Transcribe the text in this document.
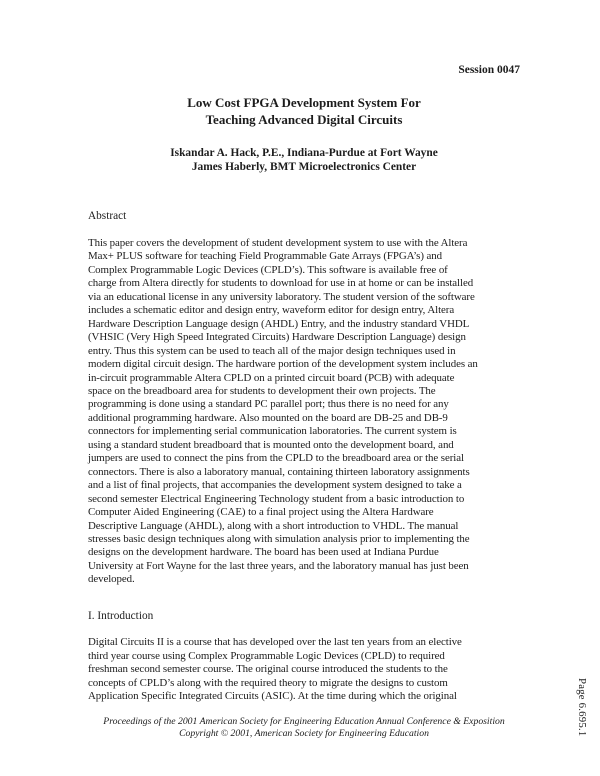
Session 0047
Low Cost FPGA Development System For
Teaching Advanced Digital Circuits
Iskandar A. Hack, P.E., Indiana-Purdue at Fort Wayne
James Haberly, BMT Microelectronics Center
Abstract
This paper covers the development of student development system to use with the Altera
Max+ PLUS software for teaching Field Programmable Gate Arrays (FPGA’s) and
Complex Programmable Logic Devices (CPLD’s). This software is available free of
charge from Altera directly for students to download for use in at home or can be installed
via an educational license in any university laboratory. The student version of the software
includes a schematic editor and design entry, waveform editor for design entry, Altera
Hardware Description Language design (AHDL) Entry, and the industry standard VHDL
(VHSIC (Very High Speed Integrated Circuits) Hardware Description Language) design
entry. Thus this system can be used to teach all of the major design techniques used in
modern digital circuit design. The hardware portion of the development system includes an
in-circuit programmable Altera CPLD on a printed circuit board (PCB) with adequate
space on the breadboard area for students to development their own projects. The
programming is done using a standard PC parallel port; thus there is no need for any
additional programming hardware. Also mounted on the board are DB-25 and DB-9
connectors for implementing serial communication laboratories. The current system is
using a standard student breadboard that is mounted onto the development board, and
jumpers are used to connect the pins from the CPLD to the breadboard area or the serial
connectors. There is also a laboratory manual, containing thirteen laboratory assignments
and a list of final projects, that accompanies the development system designed to take a
second semester Electrical Engineering Technology student from a basic introduction to
Computer Aided Engineering (CAE) to a final project using the Altera Hardware
Descriptive Language (AHDL), along with a short introduction to VHDL. The manual
stresses basic design techniques along with simulation analysis prior to implementing the
designs on the development hardware. The board has been used at Indiana Purdue
University at Fort Wayne for the last three years, and the laboratory manual has just been
developed.
I. Introduction
Digital Circuits II is a course that has developed over the last ten years from an elective
third year course using Complex Programmable Logic Devices (CPLD) to required
freshman second semester course. The original course introduced the students to the
concepts of CPLD’s along with the required theory to migrate the designs to custom
Application Specific Integrated Circuits (ASIC). At the time during which the original
Proceedings of the 2001 American Society for Engineering Education Annual Conference & Exposition
Copyright © 2001, American Society for Engineering Education	Page 6.695.1
